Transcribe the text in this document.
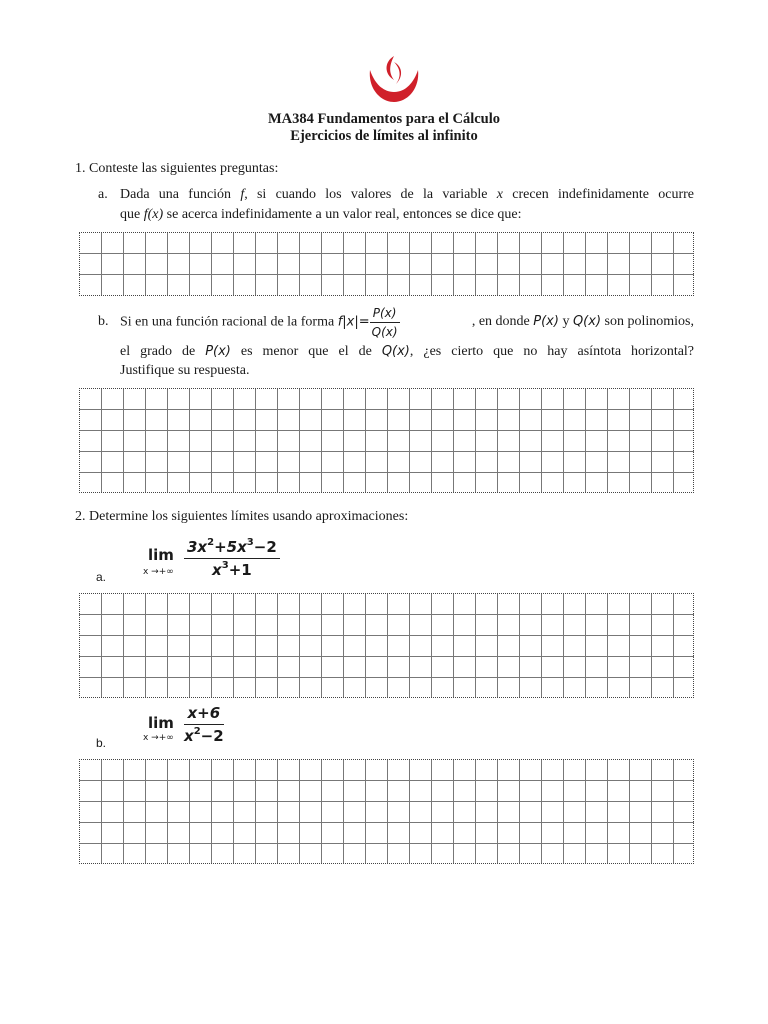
MA384 Fundamentos para el Cálculo
Ejercicios de límites al infinito
1. Conteste las siguientes preguntas:
a. Dada una función f, si cuando los valores de la variable x crecen indefinidamente ocurre
que f(x) se acerca indefinidamente a un valor real, entonces se dice que:
b. Si en una función racional de la forma $f|x|= \frac{P(x)}{Q(x)}$	, en donde P(x) y Q(x) son polinomios,
el grado de P(x) es menor que el de Q(x), ¿es cierto que no hay asíntota horizontal?
Justifique su respuesta.
2. Determine los siguientes límites usando aproximaciones:
a.
lim
x →+∞
$3x^2+5x^3-2$
$x^3+1$
b.
lim
x →+∞
x+6
$x^2-2$
